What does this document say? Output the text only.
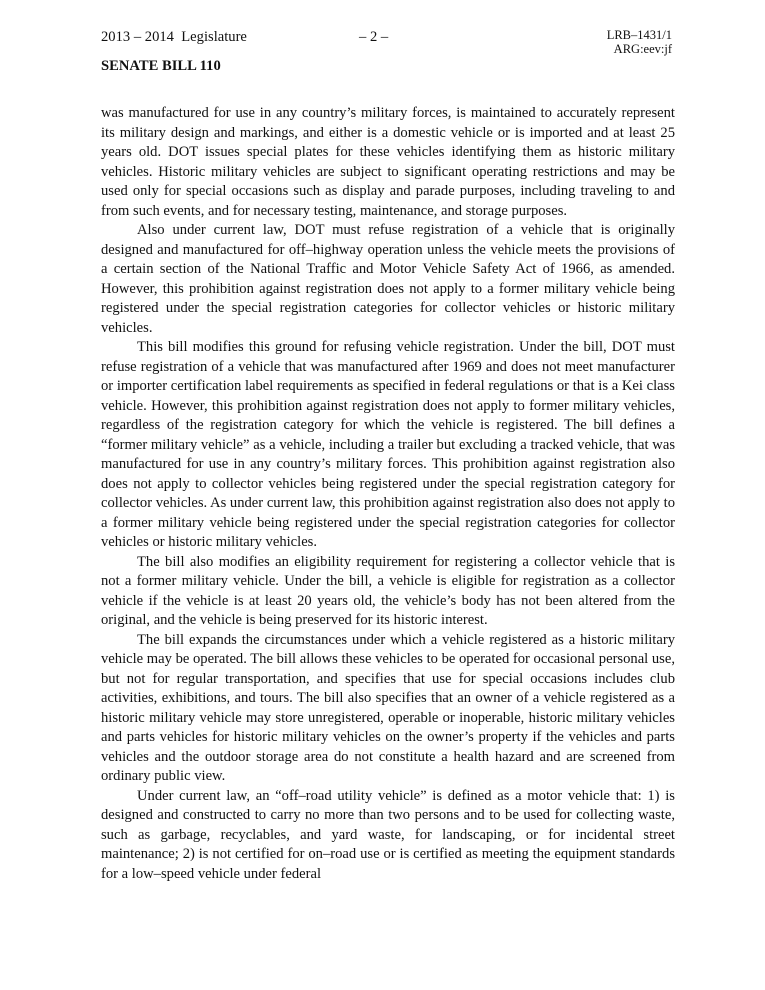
2013 – 2014  Legislature	– 2 –	LRB–1431/1
ARG:eev:jf
SENATE BILL 110

was manufactured for use in any country’s military forces, is maintained to accurately represent its military design and markings, and either is a domestic vehicle or is imported and at least 25 years old. DOT issues special plates for these vehicles identifying them as historic military vehicles. Historic military vehicles are subject to significant operating restrictions and may be used only for special occasions such as display and parade purposes, including traveling to and from such events, and for necessary testing, maintenance, and storage purposes.

Also under current law, DOT must refuse registration of a vehicle that is originally designed and manufactured for off–highway operation unless the vehicle meets the provisions of a certain section of the National Traffic and Motor Vehicle Safety Act of 1966, as amended. However, this prohibition against registration does not apply to a former military vehicle being registered under the special registration categories for collector vehicles or historic military vehicles.

This bill modifies this ground for refusing vehicle registration. Under the bill, DOT must refuse registration of a vehicle that was manufactured after 1969 and does not meet manufacturer or importer certification label requirements as specified in federal regulations or that is a Kei class vehicle. However, this prohibition against registration does not apply to former military vehicles, regardless of the registration category for which the vehicle is registered. The bill defines a “former military vehicle” as a vehicle, including a trailer but excluding a tracked vehicle, that was manufactured for use in any country’s military forces. This prohibition against registration also does not apply to collector vehicles being registered under the special registration category for collector vehicles. As under current law, this prohibition against registration also does not apply to a former military vehicle being registered under the special registration categories for collector vehicles or historic military vehicles.

The bill also modifies an eligibility requirement for registering a collector vehicle that is not a former military vehicle. Under the bill, a vehicle is eligible for registration as a collector vehicle if the vehicle is at least 20 years old, the vehicle’s body has not been altered from the original, and the vehicle is being preserved for its historic interest.

The bill expands the circumstances under which a vehicle registered as a historic military vehicle may be operated. The bill allows these vehicles to be operated for occasional personal use, but not for regular transportation, and specifies that use for special occasions includes club activities, exhibitions, and tours. The bill also specifies that an owner of a vehicle registered as a historic military vehicle may store unregistered, operable or inoperable, historic military vehicles and parts vehicles for historic military vehicles on the owner’s property if the vehicles and parts vehicles and the outdoor storage area do not constitute a health hazard and are screened from ordinary public view.

Under current law, an “off–road utility vehicle” is defined as a motor vehicle that: 1) is designed and constructed to carry no more than two persons and to be used for collecting waste, such as garbage, recyclables, and yard waste, for landscaping, or for incidental street maintenance; 2) is not certified for on–road use or is certified as meeting the equipment standards for a low–speed vehicle under federal
